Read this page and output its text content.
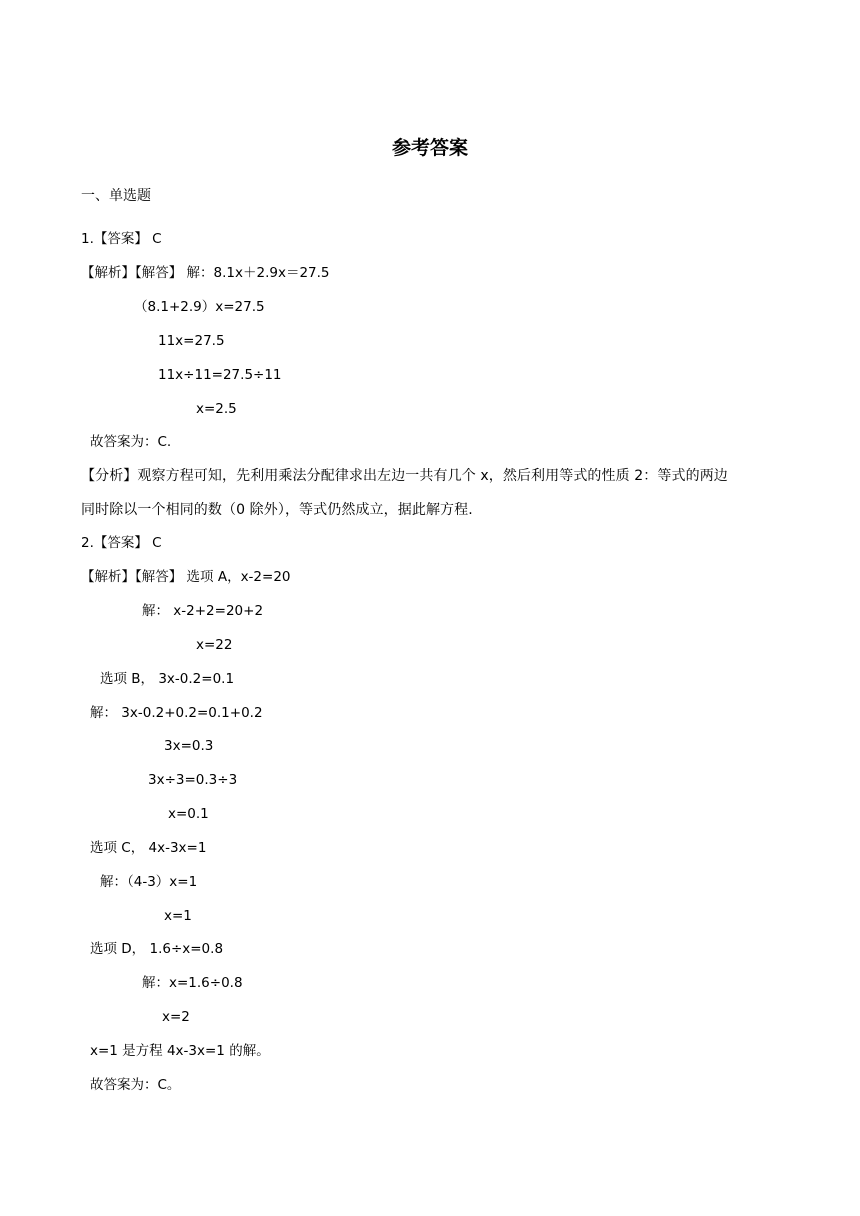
参考答案
一、单选题
1.【答案】 C
【解析】【解答】 解：8.1x＋2.9x＝27.5
（8.1+2.9）x=27.5
11x=27.5
11x÷11=27.5÷11
x=2.5
故答案为：C.
【分析】观察方程可知，先利用乘法分配律求出左边一共有几个 x，然后利用等式的性质 2：等式的两边
同时除以一个相同的数（0 除外），等式仍然成立，据此解方程.
2.【答案】 C
【解析】【解答】 选项 A，x-2=20
解： x-2+2=20+2
x=22
选项 B， 3x-0.2=0.1
解： 3x-0.2+0.2=0.1+0.2
3x=0.3
3x÷3=0.3÷3
x=0.1
选项 C， 4x-3x=1
解：（4-3）x=1
x=1
选项 D， 1.6÷x=0.8
解：x=1.6÷0.8
x=2
x=1 是方程 4x-3x=1 的解。
故答案为：C。
